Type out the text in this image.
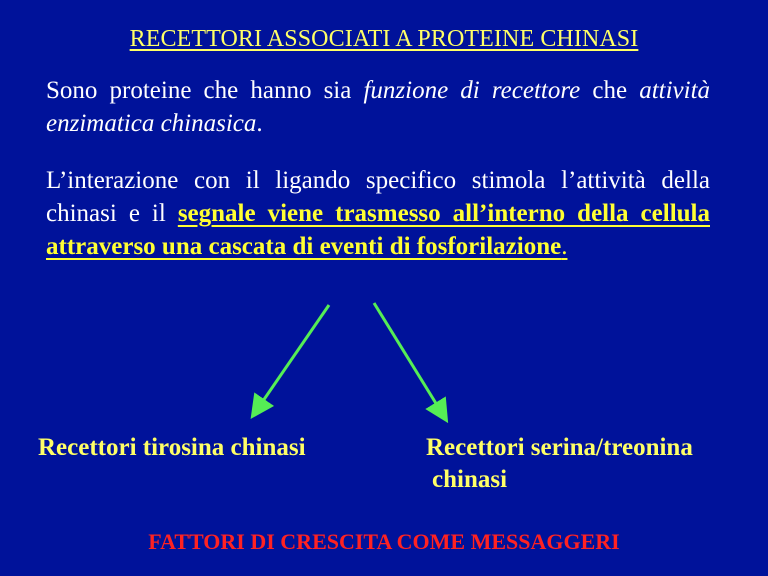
RECETTORI ASSOCIATI A PROTEINE CHINASI
Sono proteine che hanno sia funzione di recettore che attività enzimatica chinasica.
L’interazione con il ligando specifico stimola l’attività della chinasi e il segnale viene trasmesso all’interno della cellula attraverso una cascata di eventi di fosforilazione.
Recettori tirosina chinasi	Recettori serina/treonina
chinasi
FATTORI DI CRESCITA COME MESSAGGERI
